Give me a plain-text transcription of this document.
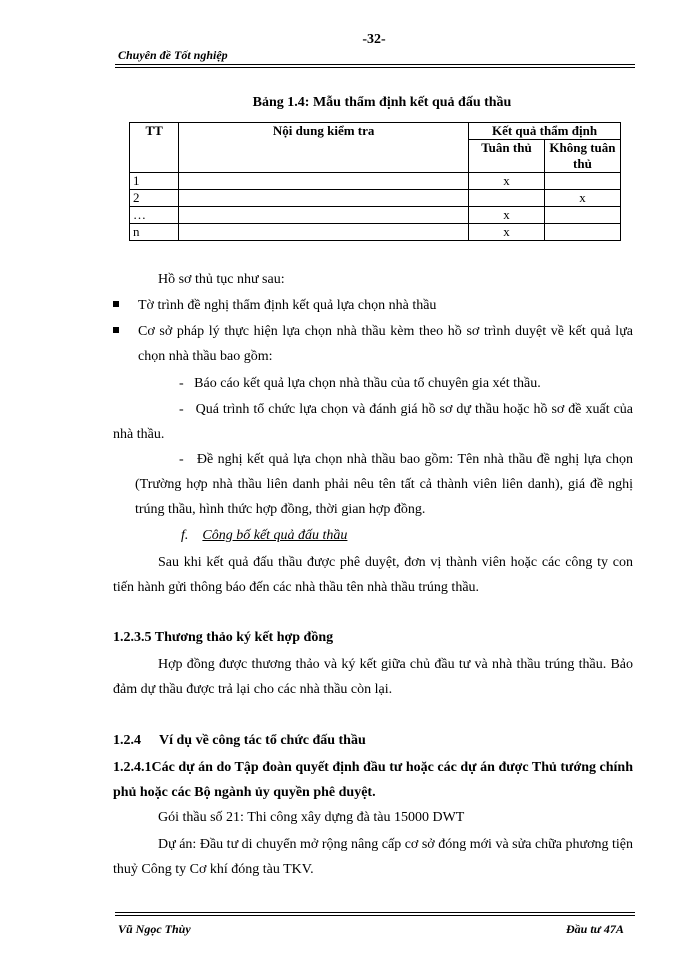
-32-
Chuyên đề Tốt nghiệp
Bảng 1.4: Mẫu thẩm định kết quả đấu thầu
TT	Nội dung kiểm tra	Kết quả thẩm định	
		Tuân thủ	Không tuân thủ
1		x	
2			x
…		x	
n		x	
Hồ sơ thủ tục như sau:
Tờ trình đề nghị thẩm định kết quả lựa chọn nhà thầu
Cơ sở pháp lý thực hiện lựa chọn nhà thầu kèm theo hồ sơ trình duyệt về kết quả lựa chọn nhà thầu bao gồm:
- Báo cáo kết quả lựa chọn nhà thầu của tổ chuyên gia xét thầu.
- Quá trình tổ chức lựa chọn và đánh giá hồ sơ dự thầu hoặc hồ sơ đề xuất của nhà thầu.
- Đề nghị kết quả lựa chọn nhà thầu bao gồm: Tên nhà thầu đề nghị lựa chọn (Trường hợp nhà thầu liên danh phải nêu tên tất cả thành viên liên danh), giá đề nghị trúng thầu, hình thức hợp đồng, thời gian hợp đồng.
f. Công bố kết quả đấu thầu
Sau khi kết quả đấu thầu được phê duyệt, đơn vị thành viên hoặc các công ty con tiến hành gửi thông báo đến các nhà thầu tên nhà thầu trúng thầu.
1.2.3.5 Thương thảo ký kết hợp đồng
Hợp đồng được thương thảo và ký kết giữa chủ đầu tư và nhà thầu trúng thầu. Bảo đảm dự thầu được trả lại cho các nhà thầu còn lại.
1.2.4 Ví dụ về công tác tổ chức đấu thầu
1.2.4.1Các dự án do Tập đoàn quyết định đầu tư hoặc các dự án được Thủ tướng chính phủ hoặc các Bộ ngành ủy quyền phê duyệt.
Gói thầu số 21: Thi công xây dựng đà tàu 15000 DWT
Dự án: Đầu tư di chuyển mở rộng nâng cấp cơ sở đóng mới và sửa chữa phương tiện thuỷ Công ty Cơ khí đóng tàu TKV.
Vũ Ngọc Thùy	Đầu tư 47A
